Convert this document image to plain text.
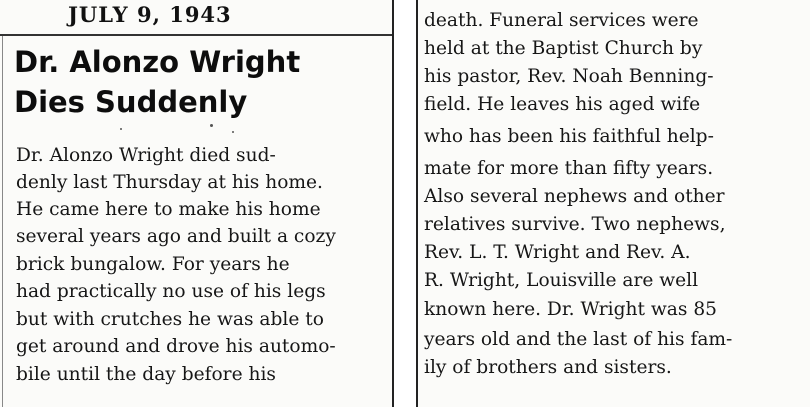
JULY 9, 1943
Dr. Alonzo Wright
Dies Suddenly
Dr. Alonzo Wright died sud-
denly last Thursday at his home.
He came here to make his home
several years ago and built a cozy
brick bungalow. For years he
had practically no use of his legs
but with crutches he was able to
get around and drove his automo-
bile until the day before his
death. Funeral services were
held at the Baptist Church by
his pastor, Rev. Noah Benning-
field. He leaves his aged wife
who has been his faithful help-
mate for more than fifty years.
Also several nephews and other
relatives survive. Two nephews,
Rev. L. T. Wright and Rev. A.
R. Wright, Louisville are well
known here. Dr. Wright was 85
years old and the last of his fam-
ily of brothers and sisters.
